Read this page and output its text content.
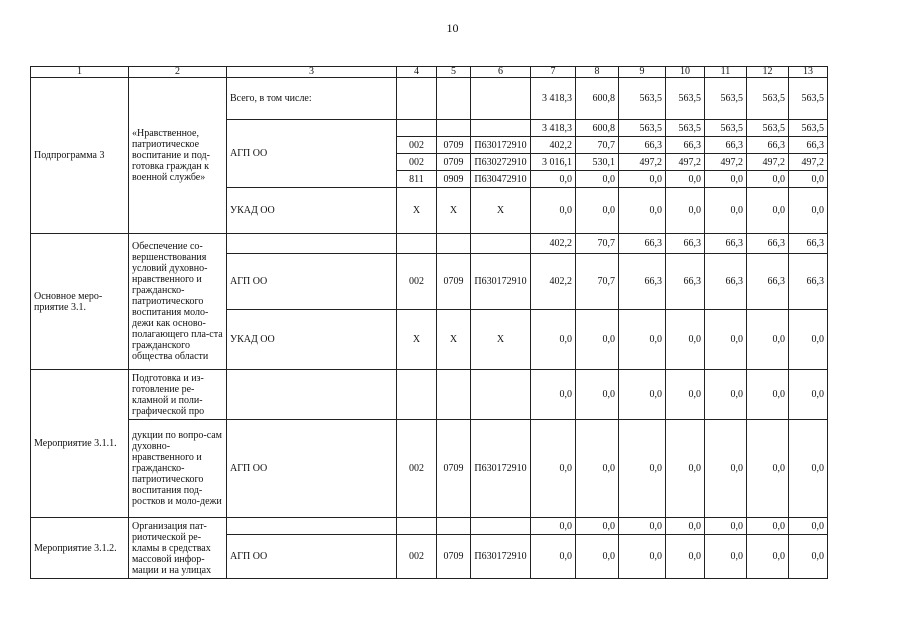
10
1	2	3	4	5	6	7	8	9	10	11	12	13
Подпрограмма 3	«Нравственное, патриотическое воспитание и под-готовка граждан к военной службе»	Всего, в том числе:				3 418,3	600,8	563,5	563,5	563,5	563,5	563,5
		АГП ОО				3 418,3	600,8	563,5	563,5	563,5	563,5	563,5
			002	0709	П630172910	402,2	70,7	66,3	66,3	66,3	66,3	66,3
			002	0709	П630272910	3 016,1	530,1	497,2	497,2	497,2	497,2	497,2
			811	0909	П630472910	0,0	0,0	0,0	0,0	0,0	0,0	0,0
		УКАД ОО	Х	Х	Х	0,0	0,0	0,0	0,0	0,0	0,0	0,0
Основное меро-приятие 3.1.	Обеспечение со-вершенствования условий духовно-нравственного и гражданско-патриотического воспитания моло-дежи как осново-полагающего пла-ста гражданского общества области					402,2	70,7	66,3	66,3	66,3	66,3	66,3
		АГП ОО	002	0709	П630172910	402,2	70,7	66,3	66,3	66,3	66,3	66,3
		УКАД ОО	Х	Х	Х	0,0	0,0	0,0	0,0	0,0	0,0	0,0
Мероприятие 3.1.1.	Подготовка и из-готовление ре-кламной и поли-графической про					0,0	0,0	0,0	0,0	0,0	0,0	0,0
	дукции по вопро-сам духовно-нравственного и гражданско-патриотического воспитания под-ростков и моло-дежи	АГП ОО	002	0709	П630172910	0,0	0,0	0,0	0,0	0,0	0,0	0,0
Мероприятие 3.1.2.	Организация пат-риотической ре-кламы в средствах массовой инфор-мации и на улицах					0,0	0,0	0,0	0,0	0,0	0,0	0,0
		АГП ОО	002	0709	П630172910	0,0	0,0	0,0	0,0	0,0	0,0	0,0
